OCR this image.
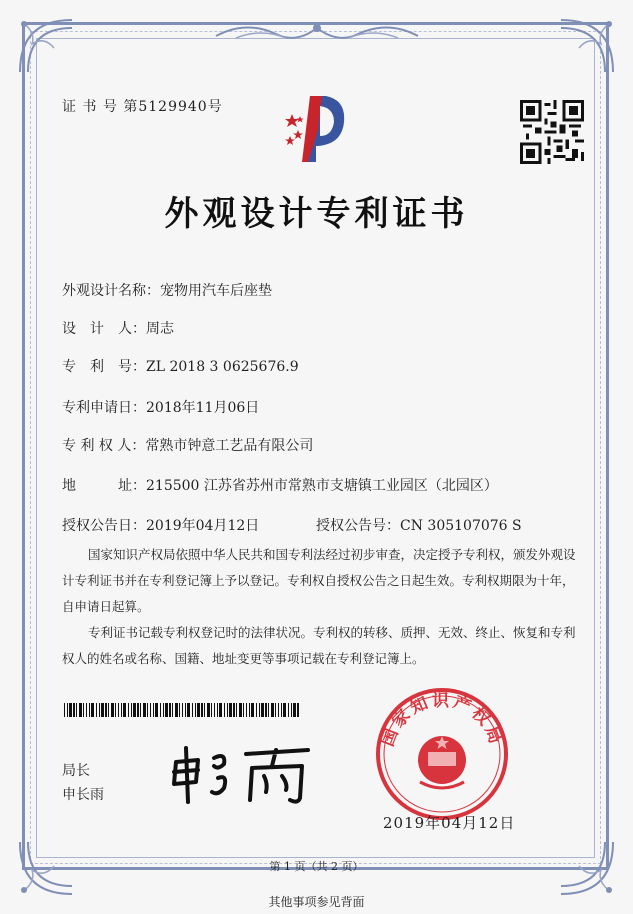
证 书 号 第5129940号
外观设计专利证书
外观设计名称：宠物用汽车后座垫
设　计　人：周志
专　利　号：ZL 2018 3 0625676.9
专利申请日：2018年11月06日
专 利 权 人：常熟市钟意工艺品有限公司
地　　　址：215500 江苏省苏州市常熟市支塘镇工业园区（北园区）
授权公告日：2019年04月12日	授权公告号：CN 305107076 S

国家知识产权局依照中华人民共和国专利法经过初步审查，决定授予专利权，颁发外观设计专利证书并在专利登记簿上予以登记。专利权自授权公告之日起生效。专利权期限为十年，自申请日起算。

专利证书记载专利权登记时的法律状况。专利权的转移、质押、无效、终止、恢复和专利权人的姓名或名称、国籍、地址变更等事项记载在专利登记簿上。

局长
申长雨
国家知识产权局
2019年04月12日
第 1 页（共 2 页）
其他事项参见背面
